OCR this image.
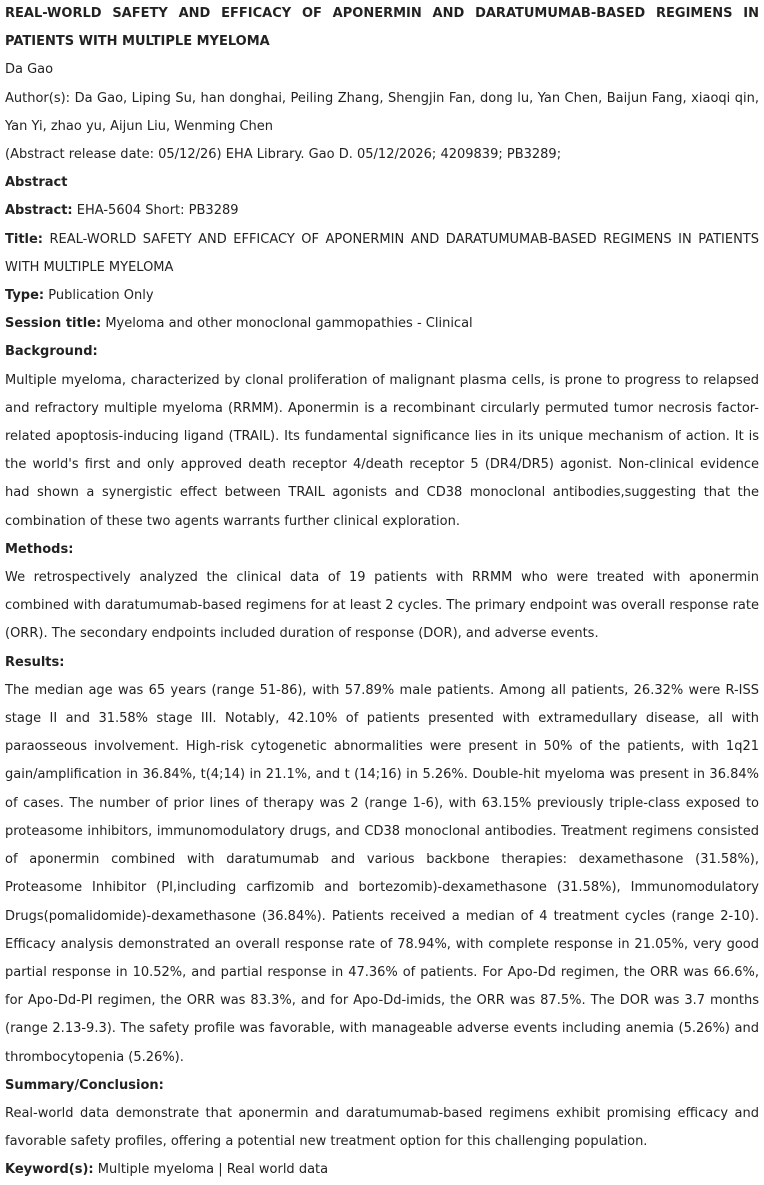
REAL-WORLD SAFETY AND EFFICACY OF APONERMIN AND DARATUMUMAB-BASED REGIMENS IN PATIENTS WITH MULTIPLE MYELOMA

Da Gao

Author(s): Da Gao, Liping Su, han donghai, Peiling Zhang, Shengjin Fan, dong lu, Yan Chen, Baijun Fang, xiaoqi qin, Yan Yi, zhao yu, Aijun Liu, Wenming Chen

(Abstract release date: 05/12/26) EHA Library. Gao D. 05/12/2026; 4209839; PB3289;

Abstract

Abstract: EHA-5604 Short: PB3289

Title: REAL-WORLD SAFETY AND EFFICACY OF APONERMIN AND DARATUMUMAB-BASED REGIMENS IN PATIENTS WITH MULTIPLE MYELOMA

Type: Publication Only

Session title: Myeloma and other monoclonal gammopathies - Clinical

Background:

Multiple myeloma, characterized by clonal proliferation of malignant plasma cells, is prone to progress to relapsed and refractory multiple myeloma (RRMM). Aponermin is a recombinant circularly permuted tumor necrosis factor-related apoptosis-inducing ligand (TRAIL). Its fundamental significance lies in its unique mechanism of action. It is the world's first and only approved death receptor 4/death receptor 5 (DR4/DR5) agonist. Non-clinical evidence had shown a synergistic effect between TRAIL agonists and CD38 monoclonal antibodies,suggesting that the combination of these two agents warrants further clinical exploration.

Methods:

We retrospectively analyzed the clinical data of 19 patients with RRMM who were treated with aponermin combined with daratumumab-based regimens for at least 2 cycles. The primary endpoint was overall response rate (ORR). The secondary endpoints included duration of response (DOR), and adverse events.

Results:

The median age was 65 years (range 51-86), with 57.89% male patients. Among all patients, 26.32% were R-ISS stage II and 31.58% stage III. Notably, 42.10% of patients presented with extramedullary disease, all with paraosseous involvement. High-risk cytogenetic abnormalities were present in 50% of the patients, with 1q21 gain/amplification in 36.84%, t(4;14) in 21.1%, and t (14;16) in 5.26%. Double-hit myeloma was present in 36.84% of cases. The number of prior lines of therapy was 2 (range 1-6), with 63.15% previously triple-class exposed to proteasome inhibitors, immunomodulatory drugs, and CD38 monoclonal antibodies. Treatment regimens consisted of aponermin combined with daratumumab and various backbone therapies: dexamethasone (31.58%), Proteasome Inhibitor (PI,including carfizomib and bortezomib)-dexamethasone (31.58%), Immunomodulatory Drugs(pomalidomide)-dexamethasone (36.84%). Patients received a median of 4 treatment cycles (range 2-10). Efficacy analysis demonstrated an overall response rate of 78.94%, with complete response in 21.05%, very good partial response in 10.52%, and partial response in 47.36% of patients. For Apo-Dd regimen, the ORR was 66.6%, for Apo-Dd-PI regimen, the ORR was 83.3%, and for Apo-Dd-imids, the ORR was 87.5%. The DOR was 3.7 months (range 2.13-9.3). The safety profile was favorable, with manageable adverse events including anemia (5.26%) and thrombocytopenia (5.26%).

Summary/Conclusion:

Real-world data demonstrate that aponermin and daratumumab-based regimens exhibit promising efficacy and favorable safety profiles, offering a potential new treatment option for this challenging population.

Keyword(s): Multiple myeloma | Real world data
